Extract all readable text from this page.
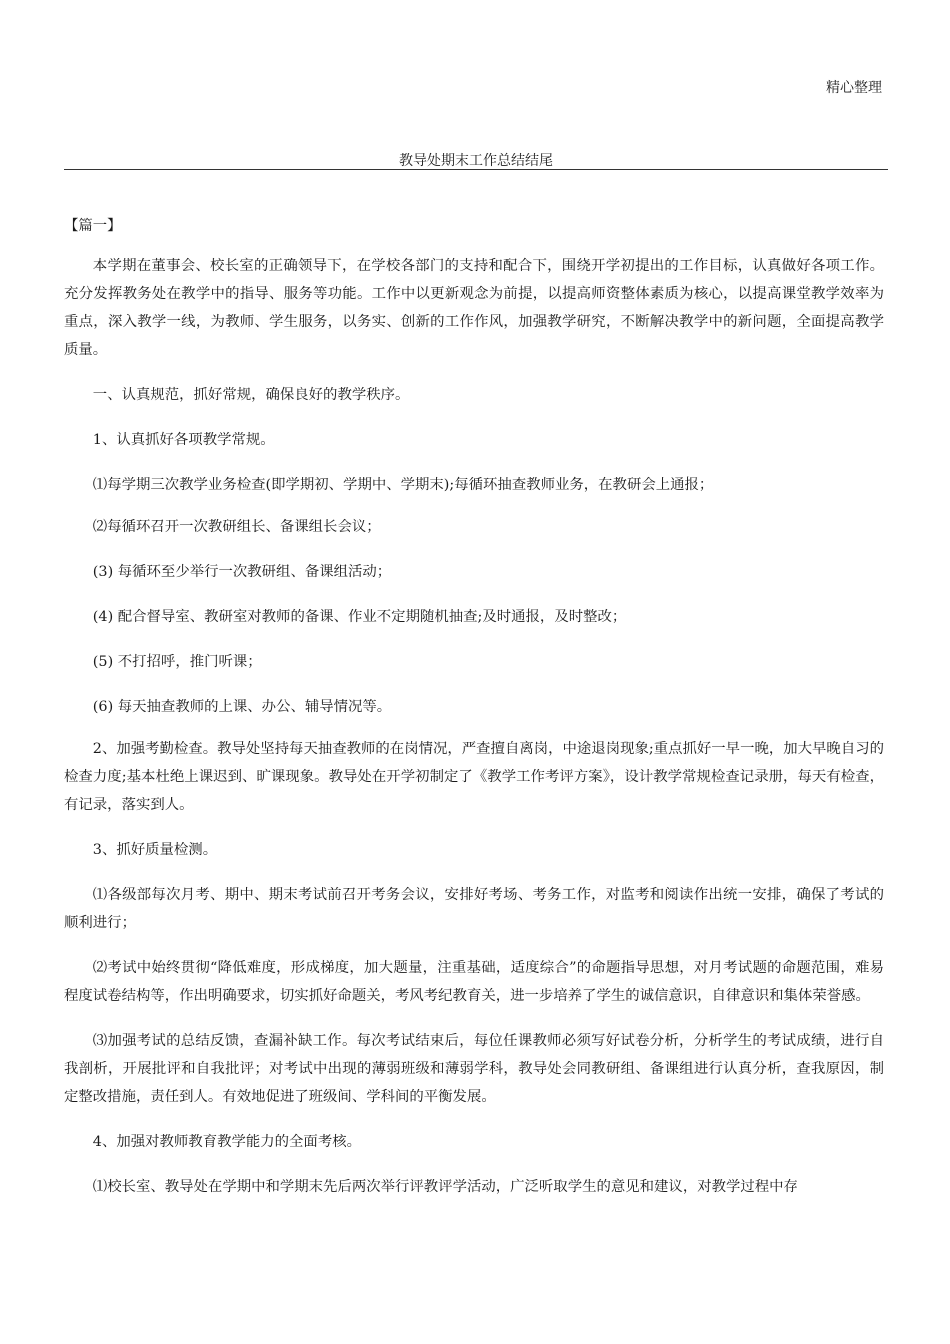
精心整理
教导处期末工作总结结尾

【篇一】

本学期在董事会、校长室的正确领导下，在学校各部门的支持和配合下，围绕开学初提出的工作目标，认真做好各项工作。充分发挥教务处在教学中的指导、服务等功能。工作中以更新观念为前提，以提高师资整体素质为核心，以提高课堂教学效率为重点，深入教学一线，为教师、学生服务，以务实、创新的工作作风，加强教学研究，不断解决教学中的新问题，全面提高教学质量。

一、认真规范，抓好常规，确保良好的教学秩序。

1、认真抓好各项教学常规。

⑴每学期三次教学业务检查(即学期初、学期中、学期末);每循环抽查教师业务，在教研会上通报；

⑵每循环召开一次教研组长、备课组长会议；

(3) 每循环至少举行一次教研组、备课组活动；

(4) 配合督导室、教研室对教师的备课、作业不定期随机抽查;及时通报，及时整改；

(5) 不打招呼，推门听课；

(6) 每天抽查教师的上课、办公、辅导情况等。

2、加强考勤检查。教导处坚持每天抽查教师的在岗情况，严查擅自离岗，中途退岗现象;重点抓好一早一晚，加大早晚自习的检查力度;基本杜绝上课迟到、旷课现象。教导处在开学初制定了《教学工作考评方案》，设计教学常规检查记录册，每天有检查，有记录，落实到人。

3、抓好质量检测。

⑴各级部每次月考、期中、期末考试前召开考务会议，安排好考场、考务工作，对监考和阅读作出统一安排，确保了考试的顺利进行；

⑵考试中始终贯彻“降低难度，形成梯度，加大题量，注重基础，适度综合”的命题指导思想，对月考试题的命题范围，难易程度试卷结构等，作出明确要求，切实抓好命题关，考风考纪教育关，进一步培养了学生的诚信意识，自律意识和集体荣誉感。

⑶加强考试的总结反馈，查漏补缺工作。每次考试结束后，每位任课教师必须写好试卷分析，分析学生的考试成绩，进行自我剖析，开展批评和自我批评；对考试中出现的薄弱班级和薄弱学科，教导处会同教研组、备课组进行认真分析，查我原因，制定整改措施，责任到人。有效地促进了班级间、学科间的平衡发展。

4、加强对教师教育教学能力的全面考核。

⑴校长室、教导处在学期中和学期末先后两次举行评教评学活动，广泛听取学生的意见和建议，对教学过程中存
